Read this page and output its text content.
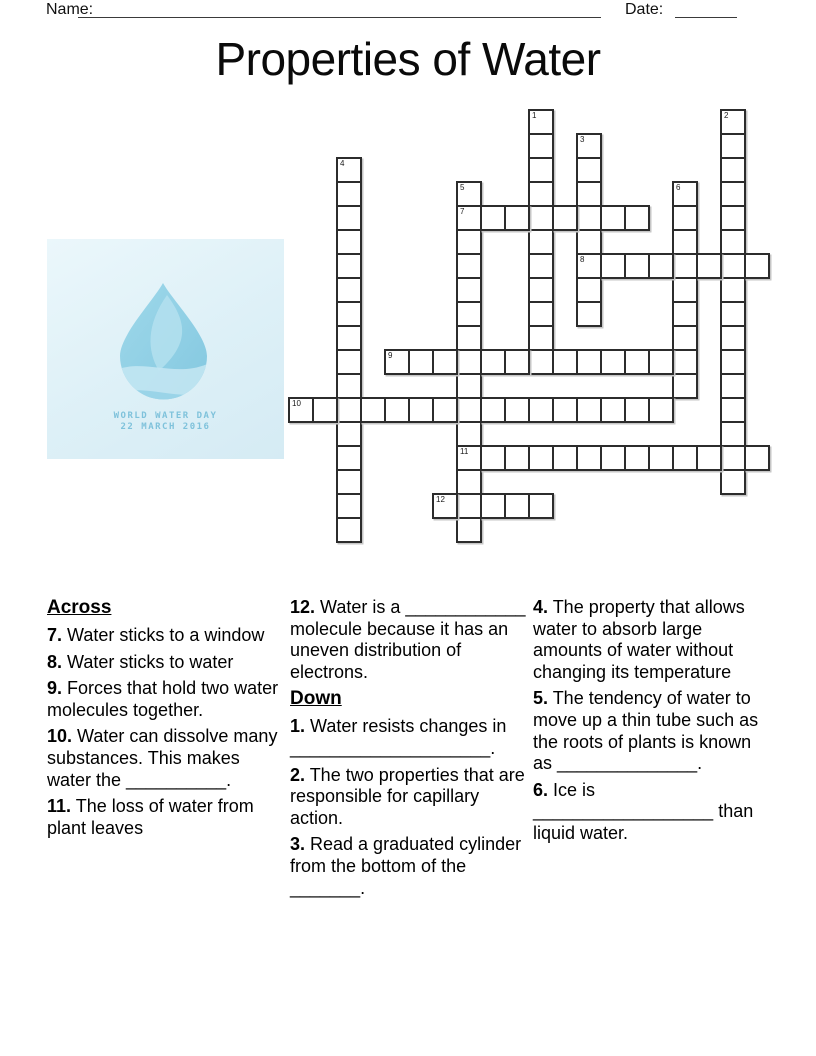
Name:	Date:
Properties of Water
WORLD WATER DAY
22 MARCH 2016
1	2
3
8
4
5
7
11
6
9
10
12
Across

7. Water sticks to a window

8. Water sticks to water

9. Forces that hold two water molecules together.

10. Water can dissolve many substances. This makes water the __________.

11. The loss of water from plant leaves

12. Water is a ____________ molecule because it has an uneven distribution of electrons.

Down

1. Water resists changes in ____________________.

2. The two properties that are responsible for capillary action.

3. Read a graduated cylinder from the bottom of the _______.

4. The property that allows water to absorb large amounts of water without changing its temperature

5. The tendency of water to move up a thin tube such as the roots of plants is known as ______________.

6. Ice is __________________ than liquid water.
